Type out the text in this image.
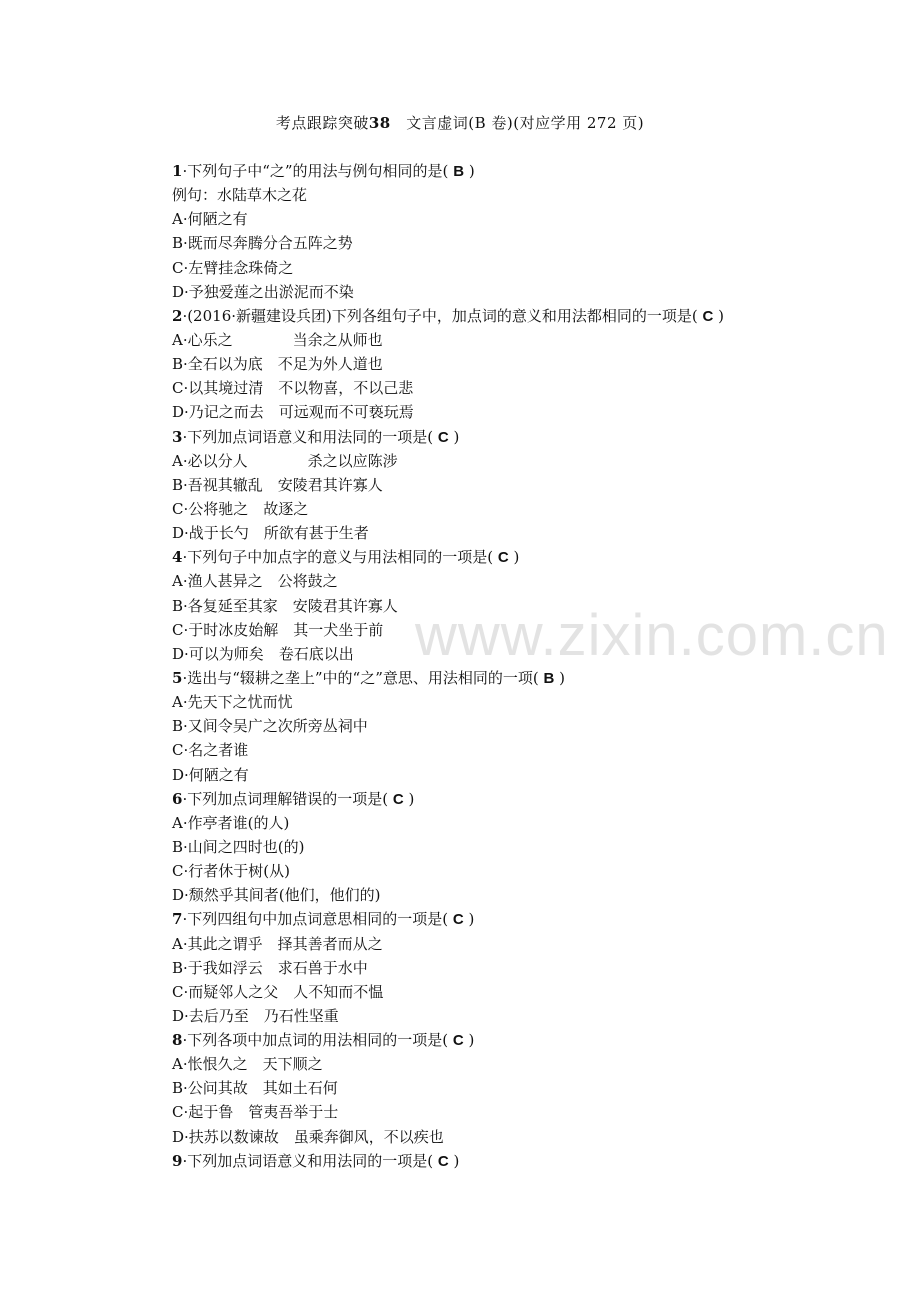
www.zixin.com.cn
考点跟踪突破38　 文言虚词(B 卷)(对应学用 272 页)
1·下列句子中“之”的用法与例句相同的是( B )
例句：水陆草木之花
A·何陋之有
B·既而尽奔腾分合五阵之势
C·左臂挂念珠倚之
D·予独爱莲之出淤泥而不染
2·(2016·新疆建设兵团)下列各组句子中，加点词的意义和用法都相同的一项是( C )
A·心乐之　　　　当余之从师也
B·全石以为底　不足为外人道也
C·以其境过清　不以物喜，不以己悲
D·乃记之而去　可远观而不可亵玩焉
3·下列加点词语意义和用法同的一项是( C )
A·必以分人　　　　杀之以应陈涉
B·吾视其辙乱　安陵君其许寡人
C·公将驰之　故逐之
D·战于长勺　所欲有甚于生者
4·下列句子中加点字的意义与用法相同的一项是( C )
A·渔人甚异之　公将鼓之
B·各复延至其家　安陵君其许寡人
C·于时冰皮始解　其一犬坐于前
D·可以为师矣　卷石底以出
5·选出与“辍耕之垄上”中的“之”意思、用法相同的一项( B )
A·先天下之忧而忧
B·又间令吴广之次所旁丛祠中
C·名之者谁
D·何陋之有
6·下列加点词理解错误的一项是( C )
A·作亭者谁(的人)
B·山间之四时也(的)
C·行者休于树(从)
D·颓然乎其间者(他们，他们的)
7·下列四组句中加点词意思相同的一项是( C )
A·其此之谓乎　择其善者而从之
B·于我如浮云　求石兽于水中
C·而疑邻人之父　人不知而不愠
D·去后乃至　乃石性坚重
8·下列各项中加点词的用法相同的一项是( C )
A·怅恨久之　天下顺之
B·公问其故　其如土石何
C·起于鲁　管夷吾举于士
D·扶苏以数谏故　虽乘奔御风，不以疾也
9·下列加点词语意义和用法同的一项是( C )
